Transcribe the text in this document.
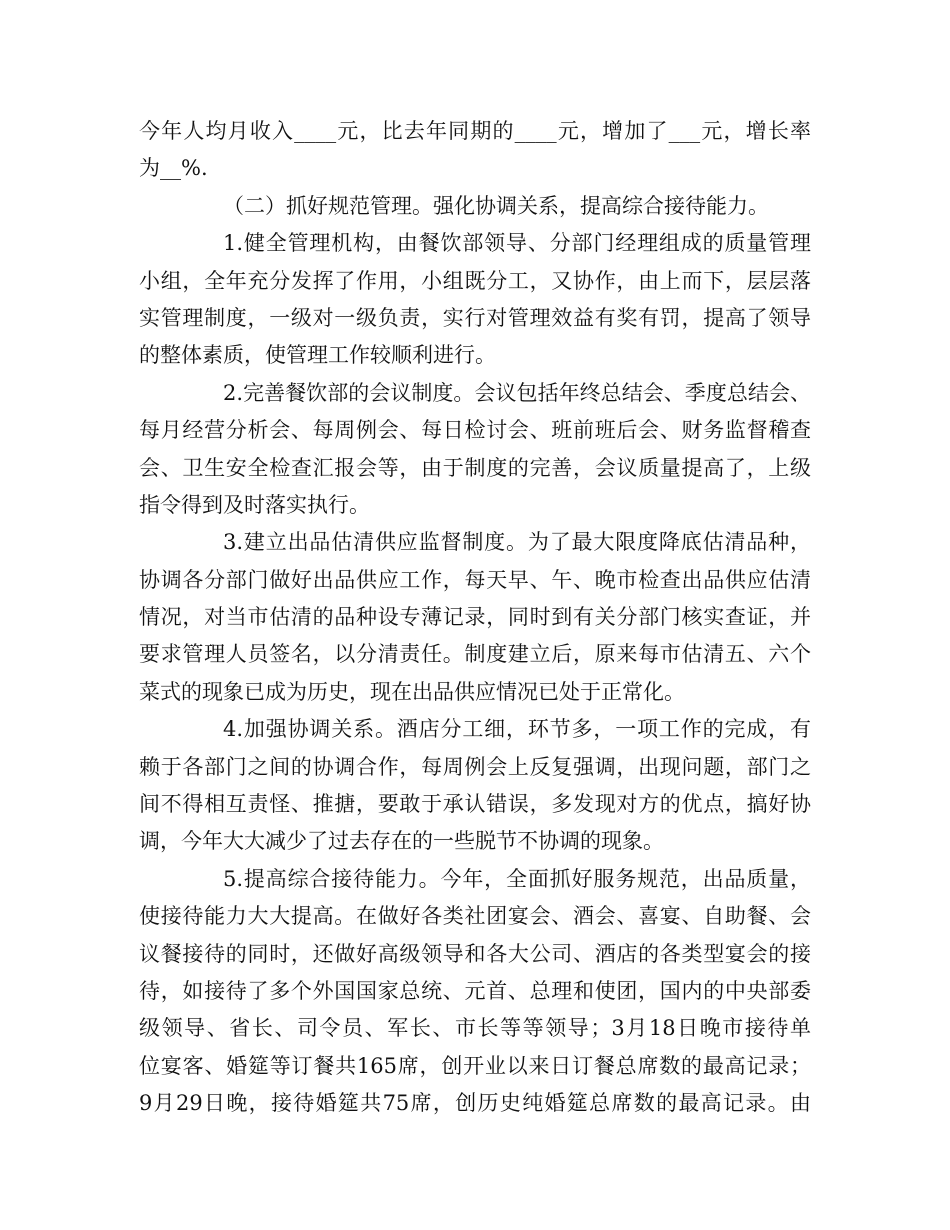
今年人均月收入____元，比去年同期的____元，增加了___元，增长率
为__%.
（二）抓好规范管理。强化协调关系，提高综合接待能力。
1.健全管理机构，由餐饮部领导、分部门经理组成的质量管理
小组，全年充分发挥了作用，小组既分工，又协作，由上而下，层层落
实管理制度，一级对一级负责，实行对管理效益有奖有罚，提高了领导
的整体素质，使管理工作较顺利进行。
2.完善餐饮部的会议制度。会议包括年终总结会、季度总结会、
每月经营分析会、每周例会、每日检讨会、班前班后会、财务监督稽查
会、卫生安全检查汇报会等，由于制度的完善，会议质量提高了，上级
指令得到及时落实执行。
3.建立出品估清供应监督制度。为了最大限度降底估清品种，
协调各分部门做好出品供应工作，每天早、午、晚市检查出品供应估清
情况，对当市估清的品种设专薄记录，同时到有关分部门核实查证，并
要求管理人员签名，以分清责任。制度建立后，原来每市估清五、六个
菜式的现象已成为历史，现在出品供应情况已处于正常化。
4.加强协调关系。酒店分工细，环节多，一项工作的完成，有
赖于各部门之间的协调合作，每周例会上反复强调，出现问题，部门之
间不得相互责怪、推搪，要敢于承认错误，多发现对方的优点，搞好协
调，今年大大减少了过去存在的一些脱节不协调的现象。
5.提高综合接待能力。今年，全面抓好服务规范，出品质量，
使接待能力大大提高。在做好各类社团宴会、酒会、喜宴、自助餐、会
议餐接待的同时，还做好高级领导和各大公司、酒店的各类型宴会的接
待，如接待了多个外国国家总统、元首、总理和使团，国内的中央部委
级领导、省长、司令员、军长、市长等等领导；3月18日晚市接待单
位宴客、婚筵等订餐共165席，创开业以来日订餐总席数的最高记录；
9月29日晚，接待婚筵共75席，创历史纯婚筵总席数的最高记录。由
